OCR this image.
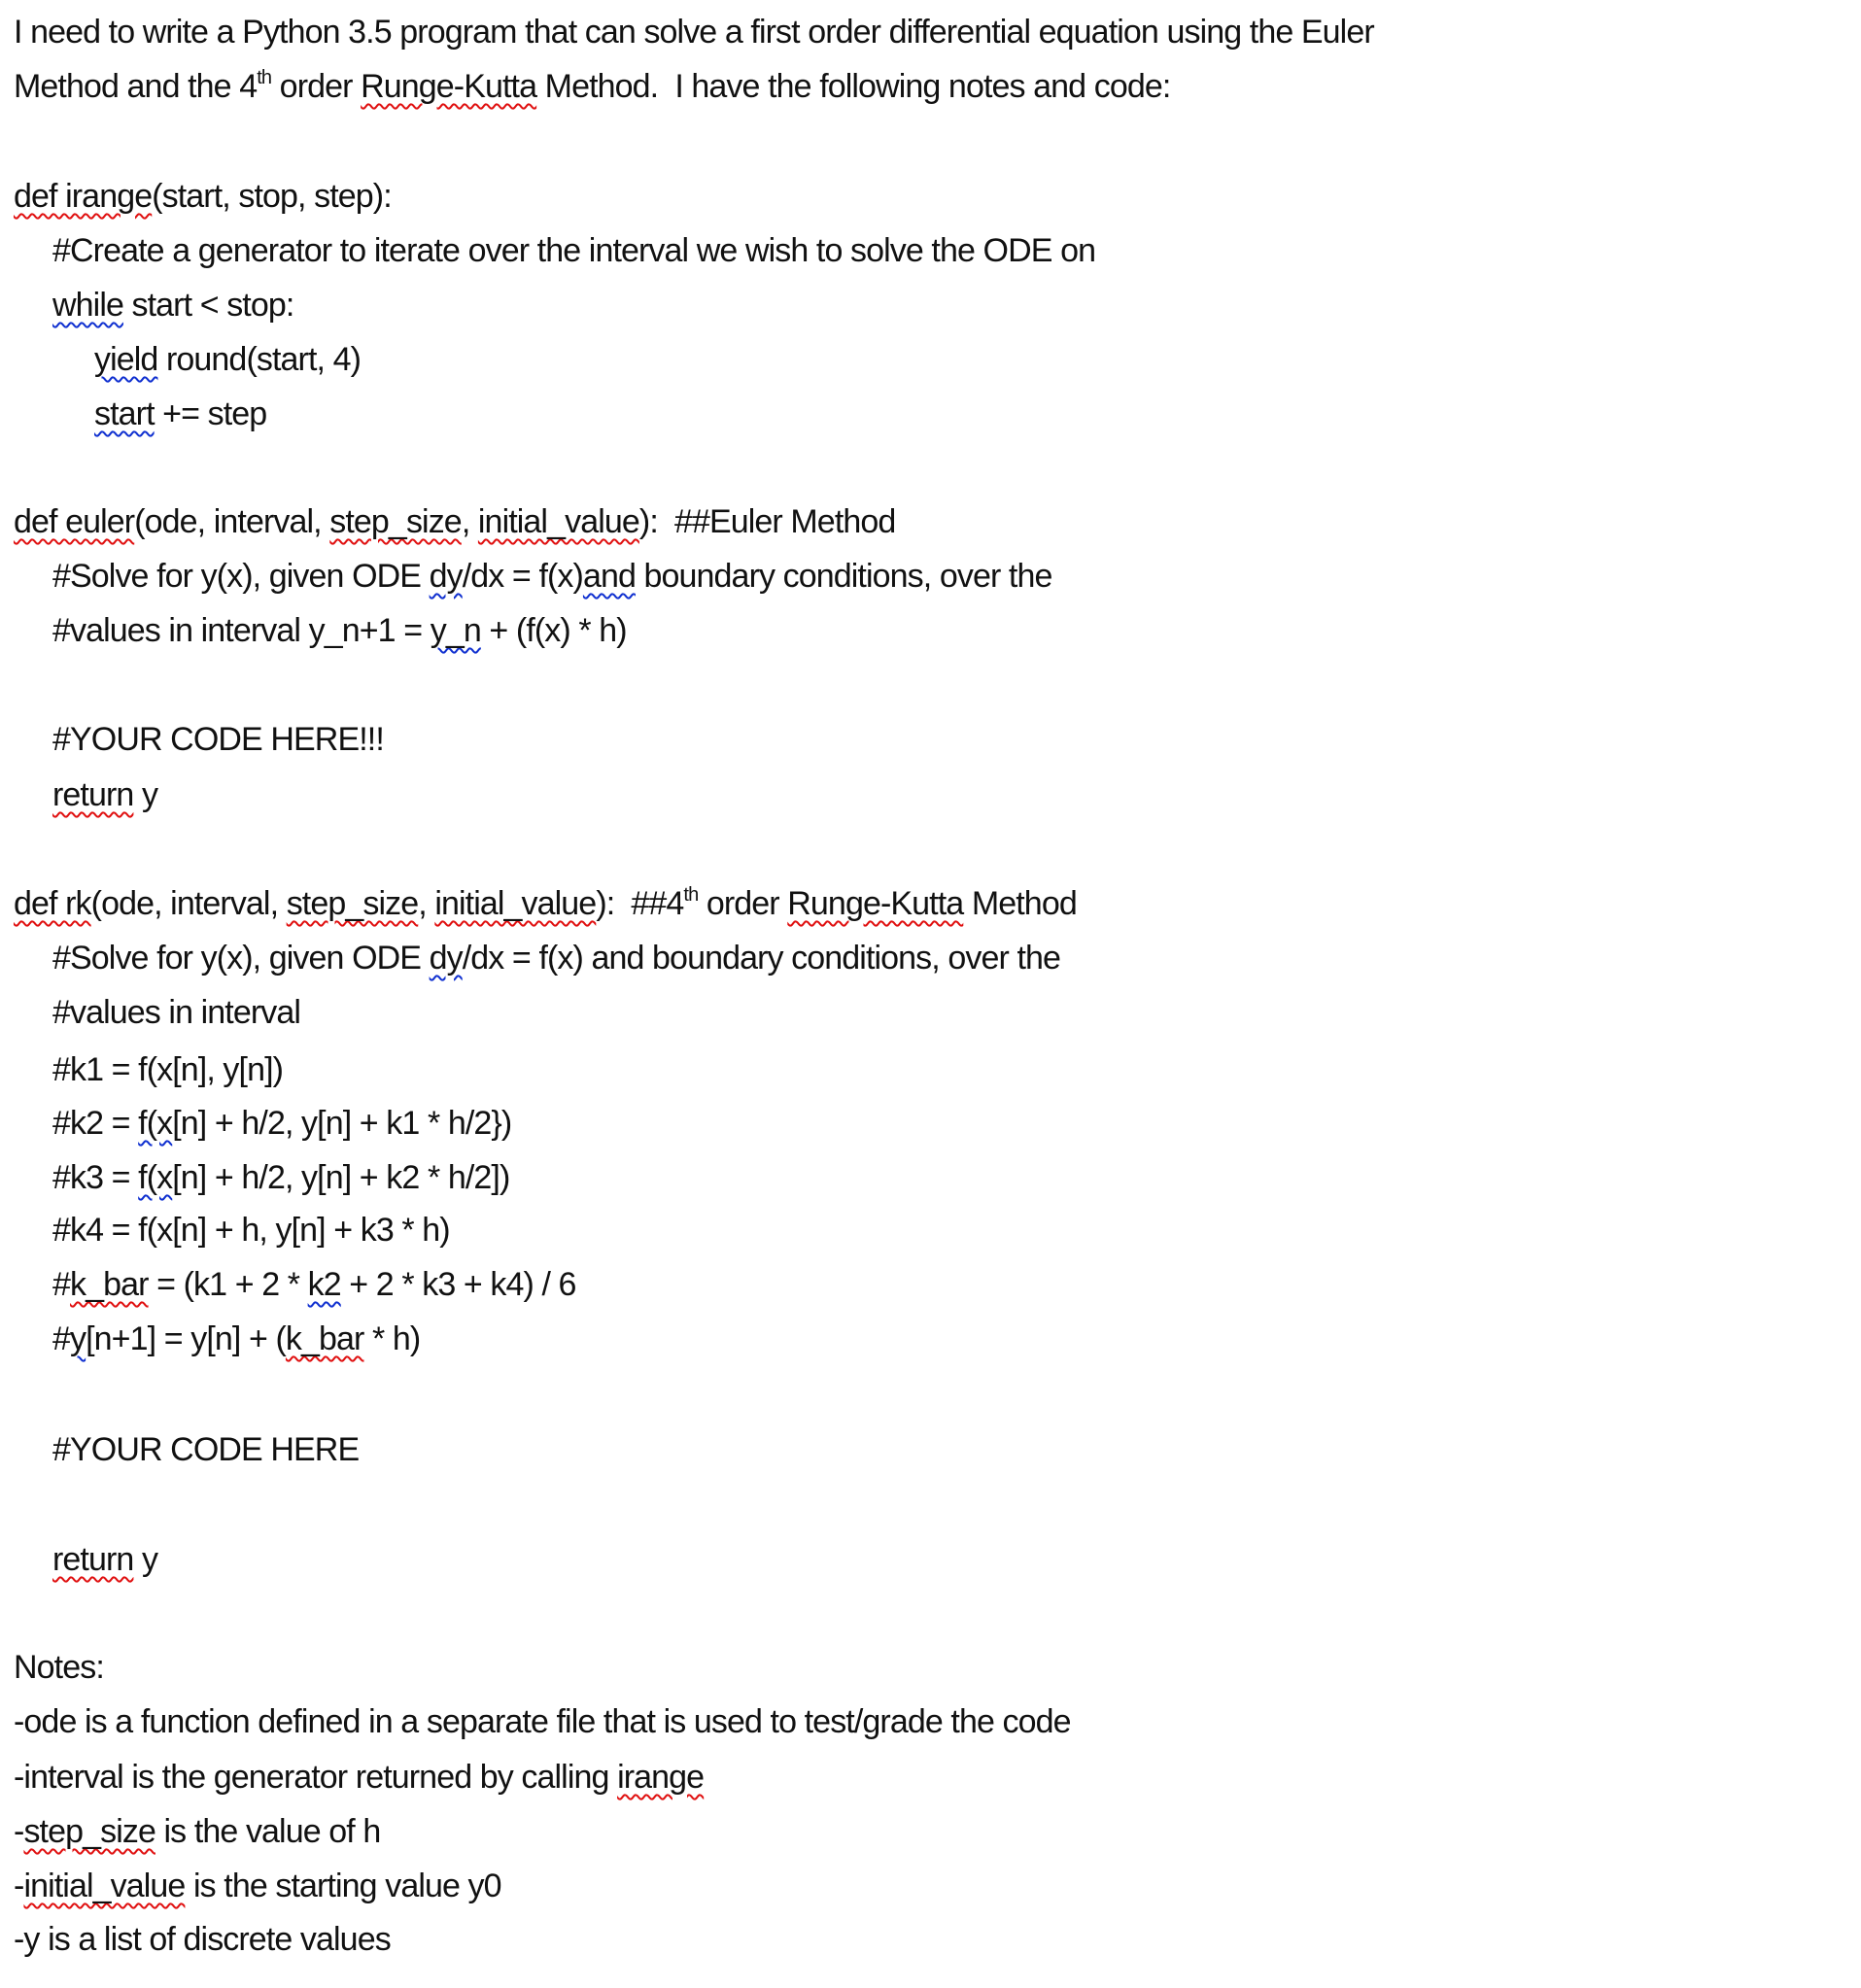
I need to write a Python 3.5 program that can solve a first order differential equation using the Euler
Method and the 4th order Runge-Kutta Method.  I have the following notes and code:
def irange(start, stop, step):
#Create a generator to iterate over the interval we wish to solve the ODE on
while start < stop:
yield round(start, 4)
start += step
def euler(ode, interval, step_size, initial_value):  ##Euler Method
#Solve for y(x), given ODE dy/dx = f(x)and boundary conditions, over the
#values in interval y_n+1 = y_n + (f(x) * h)
#YOUR CODE HERE!!!
return y
def rk(ode, interval, step_size, initial_value):  ##4th order Runge-Kutta Method
#Solve for y(x), given ODE dy/dx = f(x) and boundary conditions, over the
#values in interval
#k1 = f(x[n], y[n])
#k2 = f(x[n] + h/2, y[n] + k1 * h/2})
#k3 = f(x[n] + h/2, y[n] + k2 * h/2])
#k4 = f(x[n] + h, y[n] + k3 * h)
#k_bar = (k1 + 2 * k2 + 2 * k3 + k4) / 6
#y[n+1] = y[n] + (k_bar * h)
#YOUR CODE HERE
return y
Notes:
-ode is a function defined in a separate file that is used to test/grade the code
-interval is the generator returned by calling irange
-step_size is the value of h
-initial_value is the starting value y0
-y is a list of discrete values
